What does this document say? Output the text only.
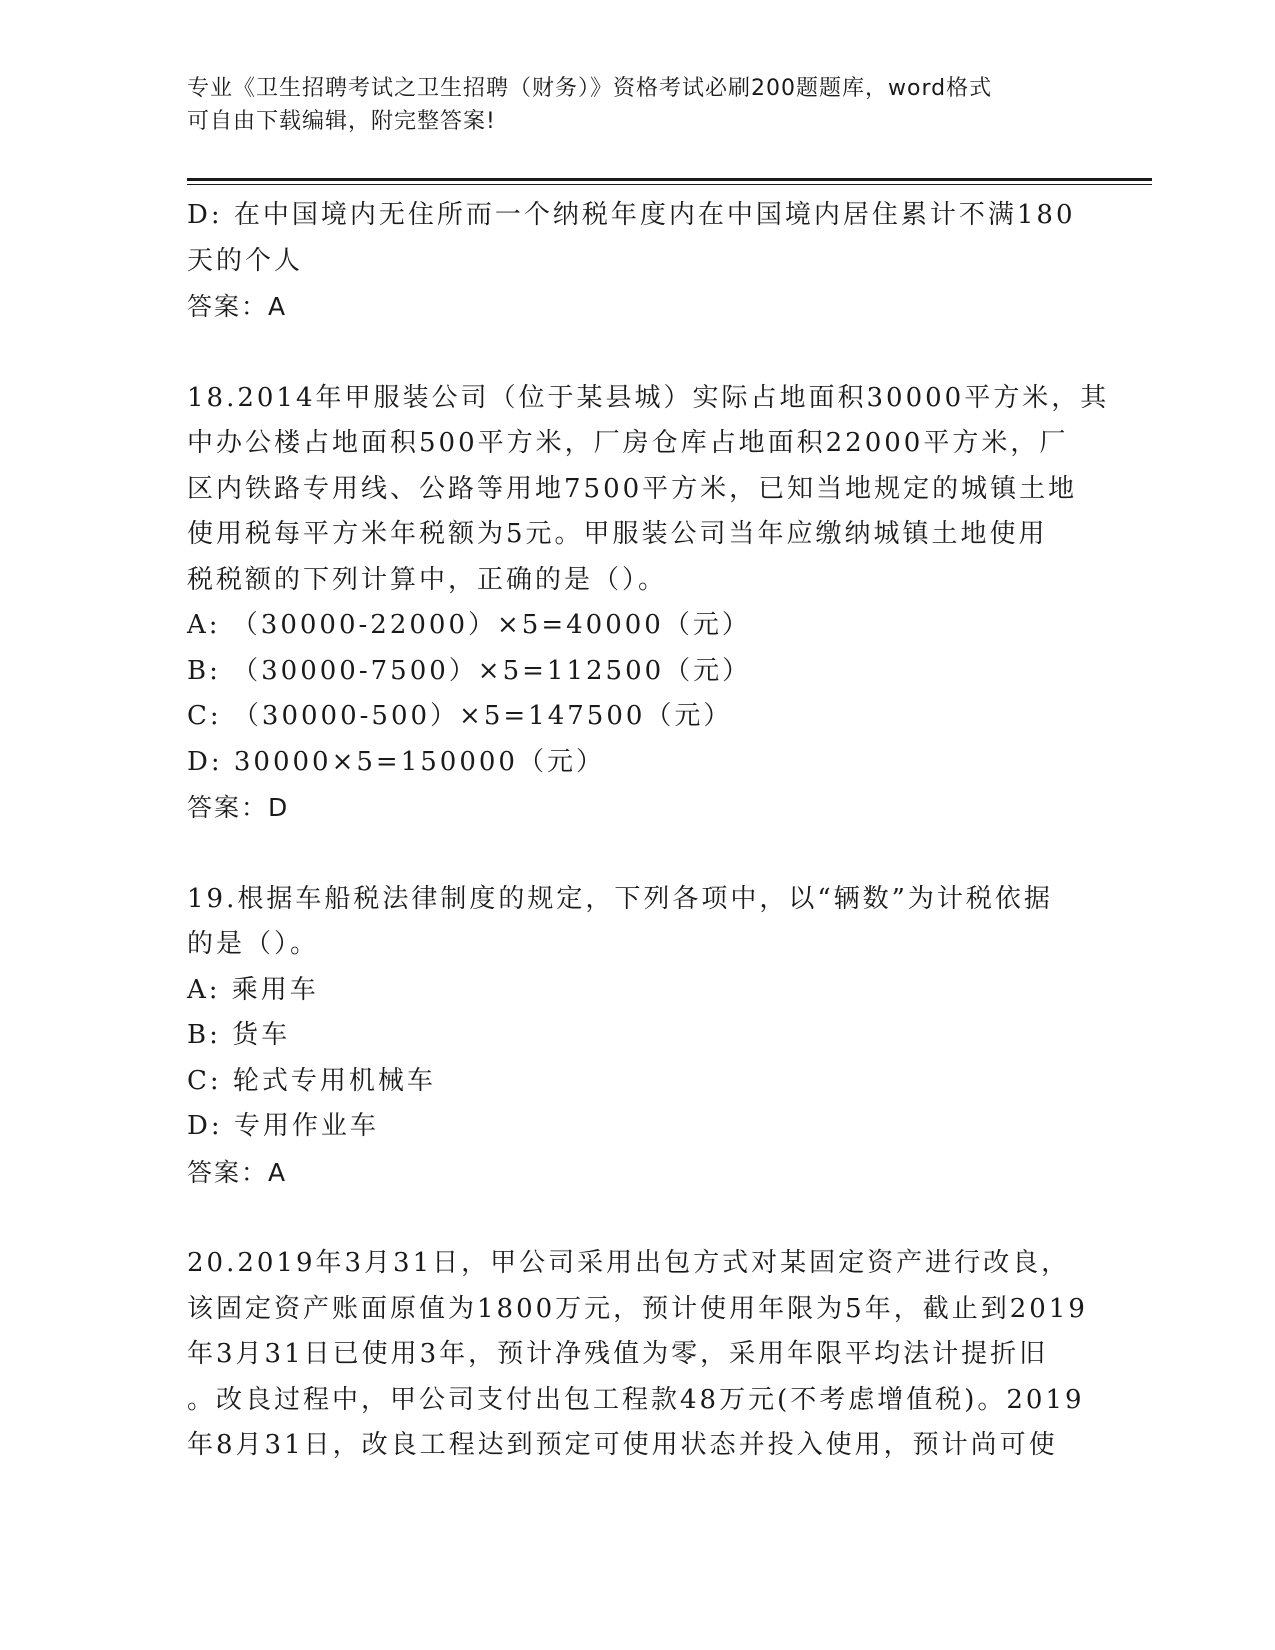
专业《卫生招聘考试之卫生招聘（财务）》资格考试必刷200题题库，word格式
可自由下载编辑，附完整答案!
D: 在中国境内无住所而一个纳税年度内在中国境内居住累计不满180
天的个人
答案：A
18.2014年甲服装公司（位于某县城）实际占地面积30000平方米，其
中办公楼占地面积500平方米，厂房仓库占地面积22000平方米，厂
区内铁路专用线、公路等用地7500平方米，已知当地规定的城镇土地
使用税每平方米年税额为5元。甲服装公司当年应缴纳城镇土地使用
税税额的下列计算中，正确的是（）。
A: （30000-22000）×5=40000（元）
B: （30000-7500）×5=112500（元）
C: （30000-500）×5=147500（元）
D: 30000×5=150000（元）
答案：D
19.根据车船税法律制度的规定，下列各项中，以“辆数”为计税依据
的是（）。
A: 乘用车
B: 货车
C: 轮式专用机械车
D: 专用作业车
答案：A
20.2019年3月31日，甲公司采用出包方式对某固定资产进行改良，
该固定资产账面原值为1800万元，预计使用年限为5年，截止到2019
年3月31日已使用3年，预计净残值为零，采用年限平均法计提折旧
。改良过程中，甲公司支付出包工程款48万元(不考虑增值税)。2019
年8月31日，改良工程达到预定可使用状态并投入使用，预计尚可使
